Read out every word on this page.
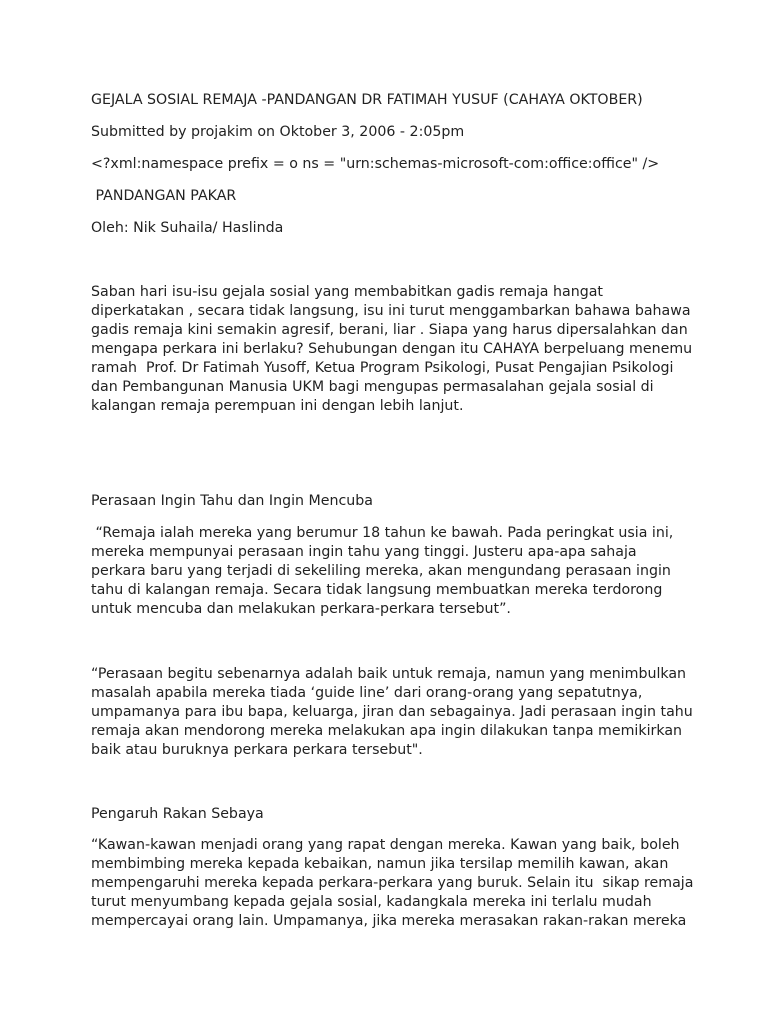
GEJALA SOSIAL REMAJA -PANDANGAN DR FATIMAH YUSUF (CAHAYA OKTOBER)

Submitted by projakim on Oktober 3, 2006 - 2:05pm

<?xml:namespace prefix = o ns = "urn:schemas-microsoft-com:office:office" />

PANDANGAN PAKAR

Oleh: Nik Suhaila/ Haslinda

Saban hari isu-isu gejala sosial yang membabitkan gadis remaja hangat
diperkatakan , secara tidak langsung, isu ini turut menggambarkan bahawa bahawa
gadis remaja kini semakin agresif, berani, liar . Siapa yang harus dipersalahkan dan
mengapa perkara ini berlaku? Sehubungan dengan itu CAHAYA berpeluang menemu
ramah  Prof. Dr Fatimah Yusoff, Ketua Program Psikologi, Pusat Pengajian Psikologi
dan Pembangunan Manusia UKM bagi mengupas permasalahan gejala sosial di
kalangan remaja perempuan ini dengan lebih lanjut.

Perasaan Ingin Tahu dan Ingin Mencuba

“Remaja ialah mereka yang berumur 18 tahun ke bawah. Pada peringkat usia ini,
mereka mempunyai perasaan ingin tahu yang tinggi. Justeru apa-apa sahaja
perkara baru yang terjadi di sekeliling mereka, akan mengundang perasaan ingin
tahu di kalangan remaja. Secara tidak langsung membuatkan mereka terdorong
untuk mencuba dan melakukan perkara-perkara tersebut”.
“Perasaan begitu sebenarnya adalah baik untuk remaja, namun yang menimbulkan
masalah apabila mereka tiada ‘guide line’ dari orang-orang yang sepatutnya,
umpamanya para ibu bapa, keluarga, jiran dan sebagainya. Jadi perasaan ingin tahu
remaja akan mendorong mereka melakukan apa ingin dilakukan tanpa memikirkan
baik atau buruknya perkara perkara tersebut".

Pengaruh Rakan Sebaya

“Kawan-kawan menjadi orang yang rapat dengan mereka. Kawan yang baik, boleh
membimbing mereka kepada kebaikan, namun jika tersilap memilih kawan, akan
mempengaruhi mereka kepada perkara-perkara yang buruk. Selain itu  sikap remaja
turut menyumbang kepada gejala sosial, kadangkala mereka ini terlalu mudah
mempercayai orang lain. Umpamanya, jika mereka merasakan rakan-rakan mereka
